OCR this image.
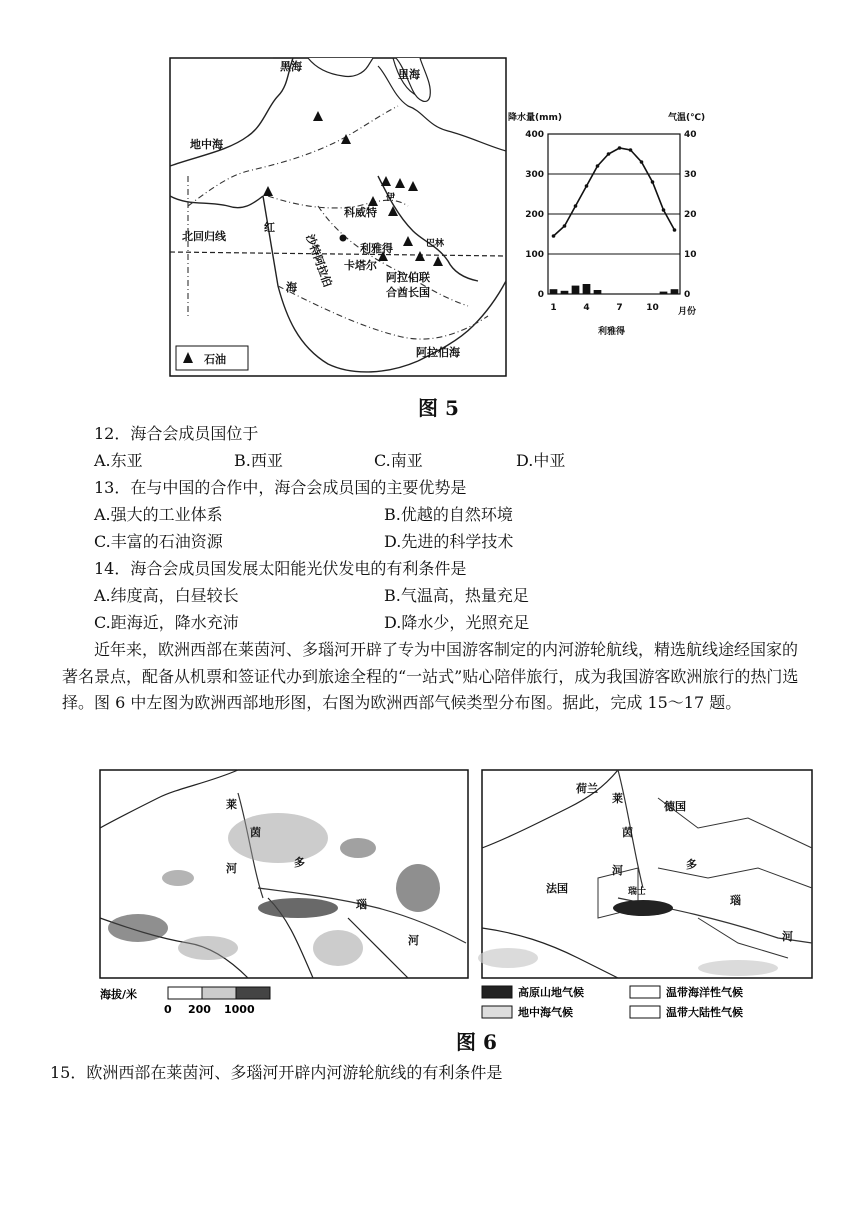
黑海
里海
地中海
北回归线
红
海 沙特阿拉伯
科威特
伊
巴林
利雅得
卡塔尔
阿拉伯联
合酋长国
阿拉伯海
石油
降水量(mm)	气温(℃)
利雅得
月份
0
100
200
300
400
0
10
20
30
40
1	4	7	10
图 5
12．海合会成员国位于
A.东亚	B.西亚	C.南亚	D.中亚
13．在与中国的合作中，海合会成员国的主要优势是
A.强大的工业体系	B.优越的自然环境
C.丰富的石油资源	D.先进的科学技术
14．海合会成员国发展太阳能光伏发电的有利条件是
A.纬度高，白昼较长	B.气温高，热量充足
C.距海近，降水充沛	D.降水少，光照充足
近年来，欧洲西部在莱茵河、多瑙河开辟了专为中国游客制定的内河游轮航线，精选航线途经国家的著名景点，配备从机票和签证代办到旅途全程的“一站式”贴心陪伴旅行，成为我国游客欧洲旅行的热门选择。图 6 中左图为欧洲西部地形图，右图为欧洲西部气候类型分布图。据此，完成 15～17 题。
莱
茵
河	多
瑙
河
荷兰
莱
德国
茵
河
法国
多
瑙
河
瑞士
海拔/米
0 200 1000
高原山地气候
地中海气候
温带海洋性气候
温带大陆性气候
图 6
15．欧洲西部在莱茵河、多瑙河开辟内河游轮航线的有利条件是
